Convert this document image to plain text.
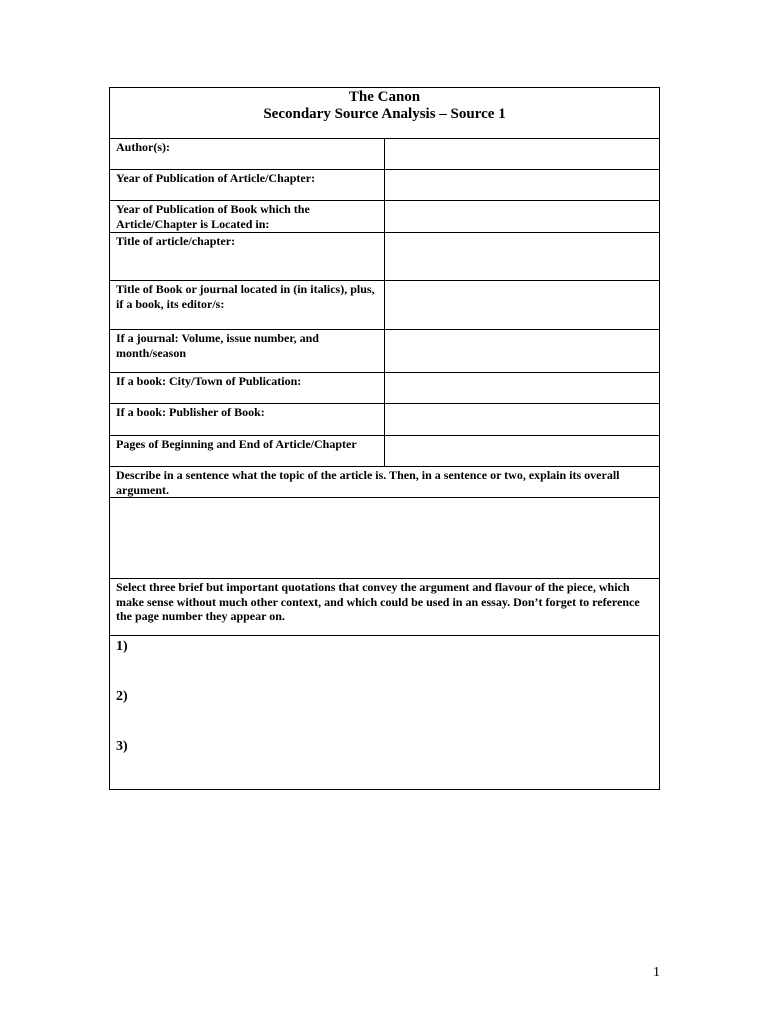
The Canon
Secondary Source Analysis – Source 1	

Author(s):	
Year of Publication of Article/Chapter:	
Year of Publication of Book which the Article/Chapter is Located in:	
Title of article/chapter:	
Title of Book or journal located in (in italics), plus, if a book, its editor/s:	
If a journal: Volume, issue number, and month/season	
If a book: City/Town of Publication:	
If a book: Publisher of Book:	
Pages of Beginning and End of Article/Chapter	
Describe in a sentence what the topic of the article is. Then, in a sentence or two, explain its overall argument.	

Select three brief but important quotations that convey the argument and flavour of the piece, which make sense without much other context, and which could be used in an essay. Don’t forget to reference the page number they appear on.	

1)
2)
3)	
1
